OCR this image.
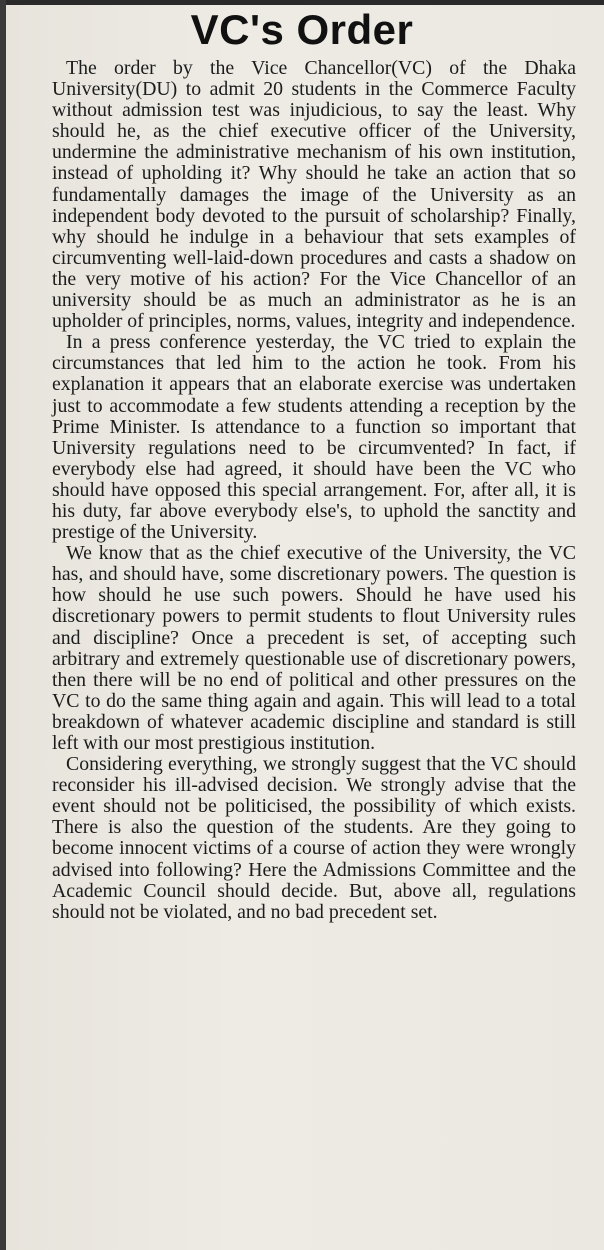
VC's Order

The order by the Vice Chancellor(VC) of the Dhaka University(DU) to admit 20 students in the Commerce Faculty without admission test was injudicious, to say the least. Why should he, as the chief executive officer of the University, undermine the administrative mechanism of his own institution, instead of upholding it? Why should he take an action that so fundamentally damages the image of the University as an independent body devoted to the pursuit of scholarship? Finally, why should he indulge in a behaviour that sets examples of circumventing well-laid-down procedures and casts a shadow on the very motive of his action? For the Vice Chancellor of an university should be as much an administrator as he is an upholder of principles, norms, values, integrity and independence.

In a press conference yesterday, the VC tried to explain the circumstances that led him to the action he took. From his explanation it appears that an elaborate exercise was undertaken just to accommodate a few students attending a reception by the Prime Minister. Is attendance to a function so important that University regulations need to be circumvented? In fact, if everybody else had agreed, it should have been the VC who should have opposed this special arrangement. For, after all, it is his duty, far above everybody else's, to uphold the sanctity and prestige of the University.

We know that as the chief executive of the University, the VC has, and should have, some discretionary powers. The question is how should he use such powers. Should he have used his discretionary powers to permit students to flout University rules and discipline? Once a precedent is set, of accepting such arbitrary and extremely questionable use of discretionary powers, then there will be no end of political and other pressures on the VC to do the same thing again and again. This will lead to a total breakdown of whatever academic discipline and standard is still left with our most prestigious institution.

Considering everything, we strongly suggest that the VC should reconsider his ill-advised decision. We strongly advise that the event should not be politicised, the possibility of which exists. There is also the question of the students. Are they going to become innocent victims of a course of action they were wrongly advised into following? Here the Admissions Committee and the Academic Council should decide. But, above all, regulations should not be violated, and no bad precedent set.
